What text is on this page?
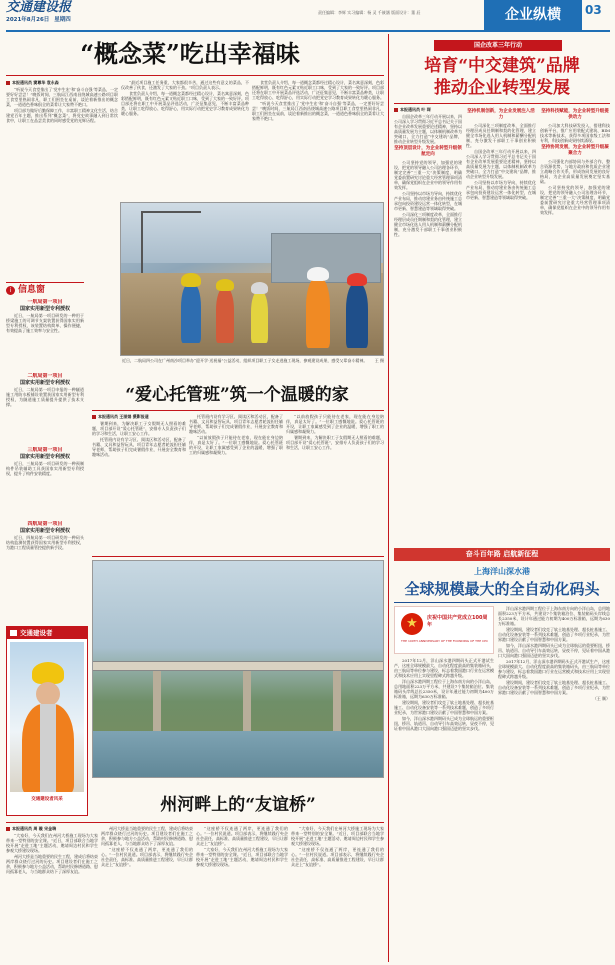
交通建设报
2021年8月26日 星期四
责任编辑：李辉 实习编辑：杨 灵 千筱涵 版面设计：董 辰	企业纵横	03
“概念菜”吃出幸福味
本报通讯员 窦尊华 袁永森

“听说今天食堂推出了‘党中生宏’和‘奋斗自强’等菜品，一定要好好尝尝！”晚饭时间，三航局江西南昌绕城高速公路项目职工食堂里热闹非凡，职工们围坐在桌前，谈论着新推出的概念菜，一道道色香味俱全的菜肴让大家赞不绝口。

项目部为做好后勤保障工作，丰富职工精神文化生活，结合建党百年主题，推出系列“概念菜”，将党史故事融入到日常饮食中，让职工在品尝美食的同时感受党的光辉历程。

“最近项目施工任务重，大家都很辛苦，通过这些有意义的菜品，不仅改善了伙食，还激发了大家的干劲。”项目负责人表示。

食堂负责人介绍，每一道概念菜都经过精心设计，菜名寓意深刻，色彩搭配鲜明，既有红色元素又贴近职工口味，受到了大家的一致好评。项目部还将在职工中开展菜品评选活动，广泛征集意见，不断丰富菜品种类，让职工吃得放心、吃得舒心，用实际行动把党史学习教育成果转化为暖心服务。

食堂负责人介绍，每一道概念菜都经过精心设计，菜名寓意深刻，色彩搭配鲜明，既有红色元素又贴近职工口味，受到了大家的一致好评。项目部还将在职工中开展菜品评选活动，广泛征集意见，不断丰富菜品种类，让职工吃得放心、吃得舒心，用实际行动把党史学习教育成果转化为暖心服务。

“听说今天食堂推出了‘党中生宏’和‘奋斗自强’等菜品，一定要好好尝尝！”晚饭时间，三航局江西南昌绕城高速公路项目职工食堂里热闹非凡，职工们围坐在桌前，谈论着新推出的概念菜，一道道色香味俱全的菜肴让大家赞不绝口。

i 信息窗
一航局第一项目
国家实用新型专利授权

近日，一航局第一项目研发的一种用于桥梁施工的可调节支架装置获得国家实用新型专利授权，该装置结构简单、操作便捷，有效提高了施工效率与安全性。

二航局第一项目
国家实用新型专利授权

近日，二航局第一项目申报的一种隧道施工用防水板铺设装置获国家实用新型专利授权，为隧道施工质量提升提供了技术支撑。

三航局第一项目
国家实用新型专利授权

近日，三航局第一项目研发的一种预制构件吊装辅助工具获国家实用新型专利授权，提升了构件安装精度。

四航局第一项目
国家实用新型专利授权

近日，四航局第一项目研发的一种码头结构监测装置获得国家实用新型专利授权，为港口工程质量管控提供新手段。

近日，二航局四公司在广州南沙项目举办“迎开学·送祝福”公益活动，组织项目职工子女走进施工现场，参观建设成果，感受父辈奋斗精神。 王 摄
“爱心托管班”筑一个温暖的家
本报通讯员 王丽娟 摄影报道

暑期到来，为解决职工子女假期无人照看的难题，项目部开设“爱心托管班”，安排专人负责孩子们的学习和生活，让职工安心工作。

托管班内设有学习区、阅读区和活动区，配备了书籍、文具和益智玩具，项目青年志愿者轮流担任辅导老师，帮助孩子们完成暑假作业，开展安全教育和趣味活动。

托管班内设有学习区、阅读区和活动区，配备了书籍、文具和益智玩具，项目青年志愿者轮流担任辅导老师，帮助孩子们完成暑假作业，开展安全教育和趣味活动。

“以前放假孩子只能待在老家，现在能在身边陪伴，真是太好了。”一位职工感慨地说。爱心托管班的开设，让职工家属感受到了企业的温暖，增强了职工的归属感和凝聚力。

“以前放假孩子只能待在老家，现在能在身边陪伴，真是太好了。”一位职工感慨地说。爱心托管班的开设，让职工家属感受到了企业的温暖，增强了职工的归属感和凝聚力。

暑期到来，为解决职工子女假期无人照看的难题，项目部开设“爱心托管班”，安排专人负责孩子们的学习和生活，让职工安心工作。

交通建设者
交通建设者风采	州河畔上的“友谊桥”
本报通讯员 周 璇 宋金瑞

“大家好，今天我们在州河大桥施工现场为大家带来一堂特别的安全课。”近日，项目部联合当地学校开展“走进工地”主题活动，邀请周边村民和学生参观大桥建设现场。

州河大桥是当地重要的民生工程，建成后将结束两岸群众绕行过河的历史。项目建设者们在施工之余，积极参与地方公益活动，帮助村民修缮道路、慰问孤寡老人，与当地群众结下了深厚友谊。

州河大桥是当地重要的民生工程，建成后将结束两岸群众绕行过河的历史。项目建设者们在施工之余，积极参与地方公益活动，帮助村民修缮道路、慰问孤寡老人，与当地群众结下了深厚友谊。

“这座桥不仅连通了两岸，更连通了我们的心。”一位村民说道。项目部表示，将继续践行央企社会责任，高标准、高质量推进工程建设，早日让群众走上“友谊桥”。

“这座桥不仅连通了两岸，更连通了我们的心。”一位村民说道。项目部表示，将继续践行央企社会责任，高标准、高质量推进工程建设，早日让群众走上“友谊桥”。

“大家好，今天我们在州河大桥施工现场为大家带来一堂特别的安全课。”近日，项目部联合当地学校开展“走进工地”主题活动，邀请周边村民和学生参观大桥建设现场。

“大家好，今天我们在州河大桥施工现场为大家带来一堂特别的安全课。”近日，项目部联合当地学校开展“走进工地”主题活动，邀请周边村民和学生参观大桥建设现场。

“这座桥不仅连通了两岸，更连通了我们的心。”一位村民说道。项目部表示，将继续践行央企社会责任，高标准、高质量推进工程建设，早日让群众走上“友谊桥”。

国企改革三年行动
培育“中交建筑”品牌
推动企业转型发展
本报通讯员 叶 琛

自国企改革三年行动开展以来，四公司深入学习贯彻习近平总书记关于国有企业改革发展重要论述精神，坚持以高质量发展为主题，以体制机制改革为突破口，全力打造“中交建筑”品牌，推动企业转型升级发展。

坚持顶层设计，为企业转型升级领航定向

公司坚持党的领导，加强党的建设，把党的领导融入公司治理各环节，制定完善“三重一大”决策制度，明确党委前置研究讨论重大经营管理事项清单，确保党组织在企业中的领导作用有效发挥。

公司坚持以市场为导向，持续优化产业布局，推动房建业务由传统施工总承包向投资建设运营一体化转型，在城市更新、智慧建造等领域取得突破。

公司深化三项制度改革，全面推行经理层成员任期制和契约化管理，建立健全市场化选人用人机制和薪酬分配机制，充分激发干部职工干事创业积极性。

坚持机制创新，为企业发展注入活力

公司深化三项制度改革，全面推行经理层成员任期制和契约化管理，建立健全市场化选人用人机制和薪酬分配机制，充分激发干部职工干事创业积极性。

自国企改革三年行动开展以来，四公司深入学习贯彻习近平总书记关于国有企业改革发展重要论述精神，坚持以高质量发展为主题，以体制机制改革为突破口，全力打造“中交建筑”品牌，推动企业转型升级发展。

公司坚持以市场为导向，持续优化产业布局，推动房建业务由传统施工总承包向投资建设运营一体化转型，在城市更新、智慧建造等领域取得突破。

坚持科技赋能，为企业转型升级提供动力

公司加大科技研发投入，搭建科技创新平台，推广应用装配式建筑、BIM技术等新技术，获得多项国家级工法和专利，科技创新成果持续涌现。

坚持协同发展，为企业转型升级凝聚合力

公司强化内部协同与外部合作，整合资源优势，与地方政府和优质企业建立战略合作关系，形成协同发展的良好格局，为企业高质量发展奠定坚实基础。

公司坚持党的领导，加强党的建设，把党的领导融入公司治理各环节，制定完善“三重一大”决策制度，明确党委前置研究讨论重大经营管理事项清单，确保党组织在企业中的领导作用有效发挥。

奋斗百年路 启航新征程
上海洋山深水港
全球规模最大的全自动化码头
★	庆祝中国共产党成立100周年
THE 100TH ANNIVERSARY OF THE FOUNDING OF THE CPC

2017年12月，洋山深水港四期码头正式开港试生产，这座全球规模最大、自动化程度最高的集装箱码头，由三航局等单位参与建设，标志着我国港口行业在运营模式和技术应用上实现里程碑式跨越升级。

洋山深水港四期工程位于上海东南方向的小洋山岛，总用地面积223万平方米，共建设7个集装箱泊位、集装箱码头岸线总长2350米，设计年通过能力初期为400万标准箱，远期为630万标准箱。

建设期间，建设者们攻克了软土地基处理、超长桩基施工、自动化设备安装等一系列技术难题，创造了多项行业纪录，为世界港口建设贡献了中国智慧和中国方案。

如今，洋山深水港四期码头已成为全球航运的重要枢纽，桥吊、轨道吊、自动导引车高效运转，昼夜不停，见证着中国从港口大国向港口强国迈进的坚实步伐。

洋山深水港四期工程位于上海东南方向的小洋山岛，总用地面积223万平方米，共建设7个集装箱泊位、集装箱码头岸线总长2350米，设计年通过能力初期为400万标准箱，远期为630万标准箱。

建设期间，建设者们攻克了软土地基处理、超长桩基施工、自动化设备安装等一系列技术难题，创造了多项行业纪录，为世界港口建设贡献了中国智慧和中国方案。

如今，洋山深水港四期码头已成为全球航运的重要枢纽，桥吊、轨道吊、自动导引车高效运转，昼夜不停，见证着中国从港口大国向港口强国迈进的坚实步伐。

2017年12月，洋山深水港四期码头正式开港试生产，这座全球规模最大、自动化程度最高的集装箱码头，由三航局等单位参与建设，标志着我国港口行业在运营模式和技术应用上实现里程碑式跨越升级。

建设期间，建设者们攻克了软土地基处理、超长桩基施工、自动化设备安装等一系列技术难题，创造了多项行业纪录，为世界港口建设贡献了中国智慧和中国方案。

（王 顺）
